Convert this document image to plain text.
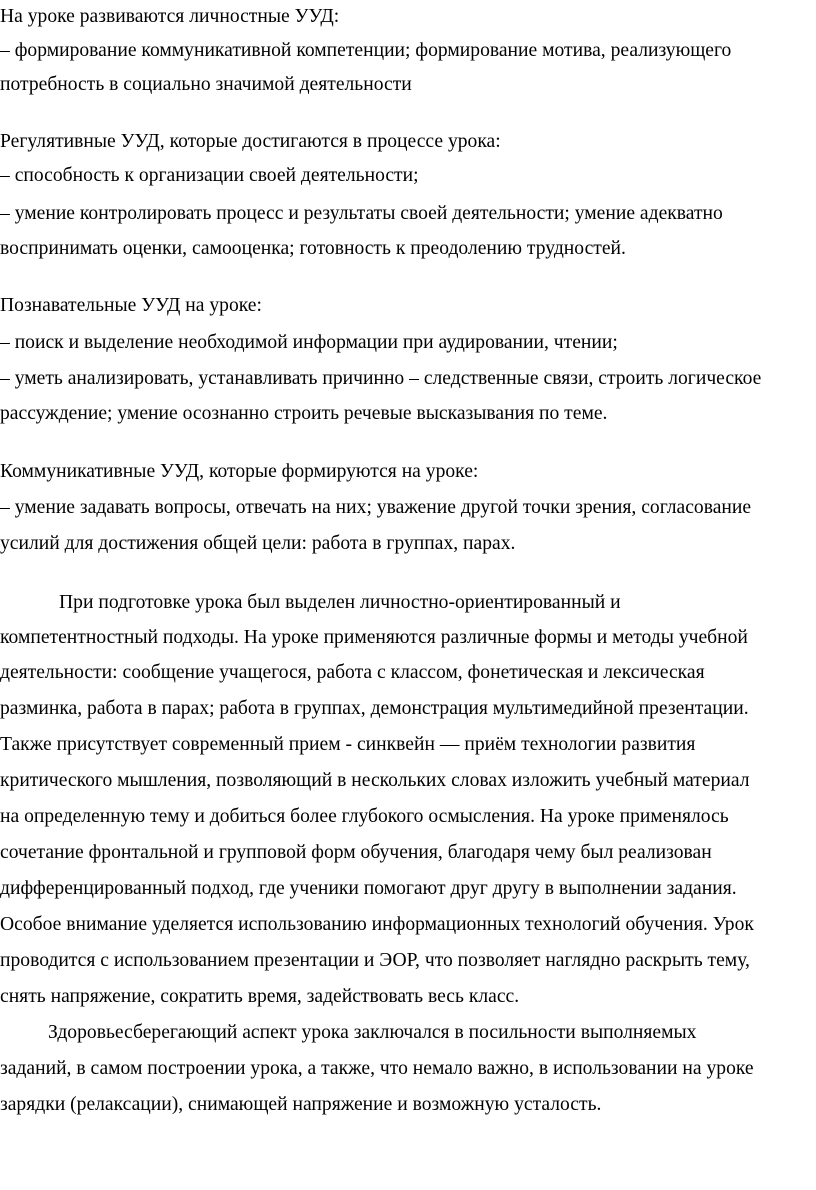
На уроке развиваются личностные УУД:

– формирование коммуникативной компетенции; формирование мотива, реализующего

потребность в социально значимой деятельности

Регулятивные УУД, которые достигаются в процессе урока:

– способность к организации своей деятельности;

– умение контролировать процесс и результаты своей деятельности; умение адекватно

воспринимать оценки, самооценка; готовность к преодолению трудностей.

Познавательные УУД на уроке:

– поиск и выделение необходимой информации при аудировании, чтении;

– уметь анализировать, устанавливать причинно – следственные связи, строить логическое

рассуждение; умение осознанно строить речевые высказывания по теме.

Коммуникативные УУД, которые формируются на уроке:

– умение задавать вопросы, отвечать на них; уважение другой точки зрения, согласование

усилий для достижения общей цели: работа в группах, парах.

При подготовке урока был выделен личностно-ориентированный и

компетентностный подходы. На уроке применяются различные формы и методы учебной

деятельности: сообщение учащегося, работа с классом, фонетическая и лексическая

разминка, работа в парах; работа в группах, демонстрация мультимедийной презентации.

Также присутствует современный прием - синквейн — приём технологии развития

критического мышления, позволяющий в нескольких словах изложить учебный материал

на определенную тему и добиться более глубокого осмысления. На уроке применялось

сочетание фронтальной и групповой форм обучения, благодаря чему был реализован

дифференцированный подход, где ученики помогают друг другу в выполнении задания.

Особое внимание уделяется использованию информационных технологий обучения. Урок

проводится с использованием презентации и ЭОР, что позволяет наглядно раскрыть тему,

снять напряжение, сократить время, задействовать весь класс.

Здоровьесберегающий аспект урока заключался в посильности выполняемых

заданий, в самом построении урока, а также, что немало важно, в использовании на уроке

зарядки (релаксации), снимающей напряжение и возможную усталость.
